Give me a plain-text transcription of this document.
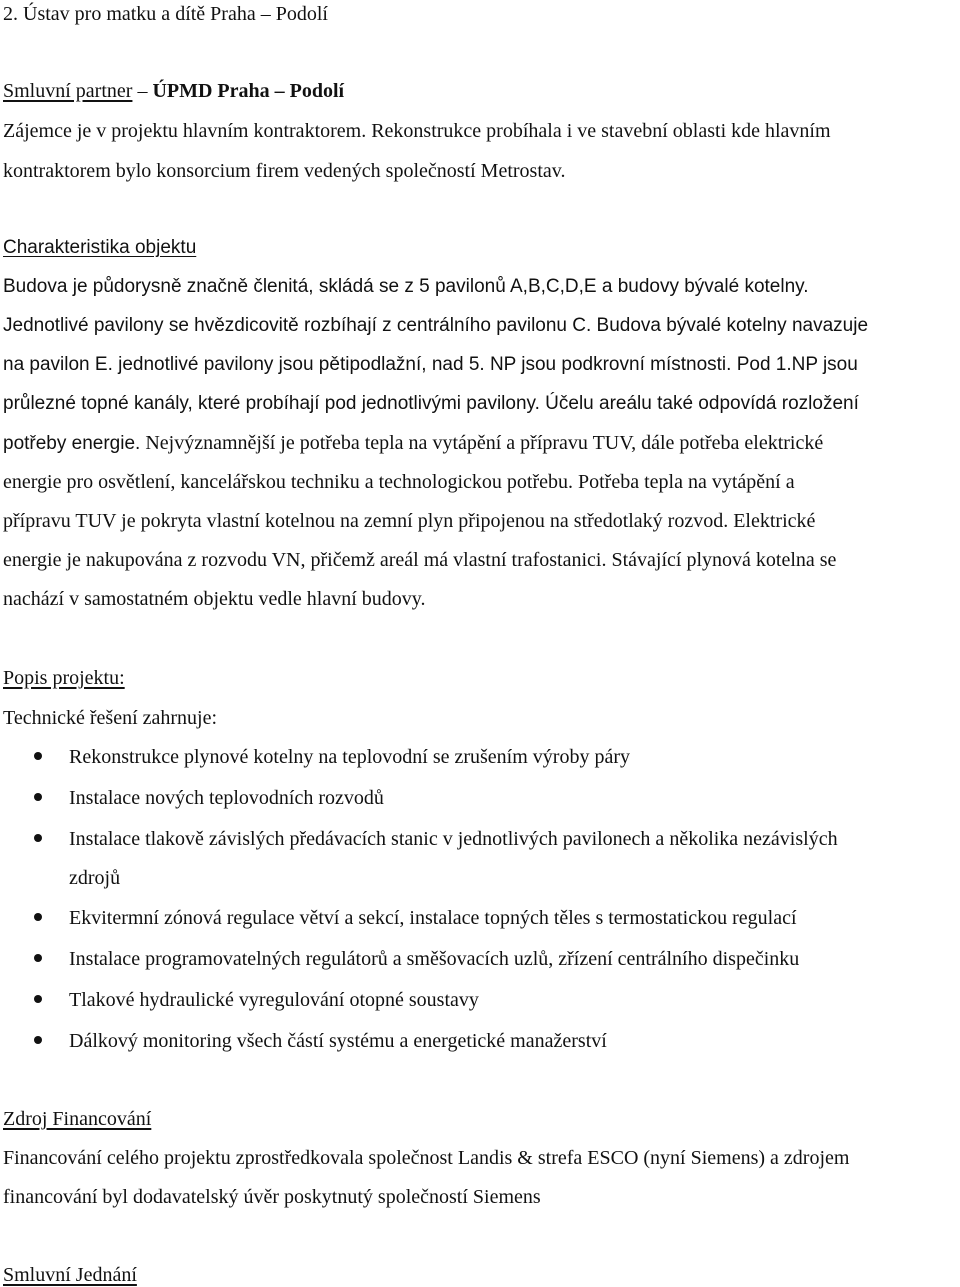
2. Ústav pro matku a dítě Praha – Podolí
Smluvní partner – ÚPMD Praha – Podolí
Zájemce je v projektu hlavním kontraktorem. Rekonstrukce probíhala i ve stavební oblasti kde hlavním
kontraktorem bylo konsorcium firem vedených společností Metrostav.
Charakteristika objektu
Budova je půdorysně značně členitá, skládá se z 5 pavilonů A,B,C,D,E a budovy bývalé kotelny.
Jednotlivé pavilony se hvězdicovitě rozbíhají z centrálního pavilonu C. Budova bývalé kotelny navazuje
na pavilon E. jednotlivé pavilony jsou pětipodlažní, nad 5. NP jsou podkrovní místnosti. Pod 1.NP jsou
průlezné topné kanály, které probíhají pod jednotlivými pavilony. Účelu areálu také odpovídá rozložení
potřeby energie. Nejvýznamnější je potřeba tepla na vytápění a přípravu TUV, dále potřeba elektrické
energie pro osvětlení, kancelářskou techniku a technologickou potřebu. Potřeba tepla na vytápění a
přípravu TUV je pokryta vlastní kotelnou na zemní plyn připojenou na středotlaký rozvod. Elektrické
energie je nakupována z rozvodu VN, přičemž areál má vlastní trafostanici. Stávající plynová kotelna se
nachází v samostatném objektu vedle hlavní budovy.
Popis projektu:
Technické řešení zahrnuje:
Rekonstrukce plynové kotelny na teplovodní se zrušením výroby páry
Instalace nových teplovodních rozvodů
Instalace tlakově závislých předávacích stanic v jednotlivých pavilonech a několika nezávislých
zdrojů
Ekvitermní zónová regulace větví a sekcí, instalace topných těles s termostatickou regulací
Instalace programovatelných regulátorů a směšovacích uzlů, zřízení centrálního dispečinku
Tlakové hydraulické vyregulování otopné soustavy
Dálkový monitoring všech částí systému a energetické manažerství
Zdroj Financování
Financování celého projektu zprostředkovala společnost Landis & strefa ESCO (nyní Siemens) a zdrojem
financování byl dodavatelský úvěr poskytnutý společností Siemens
Smluvní Jednání
